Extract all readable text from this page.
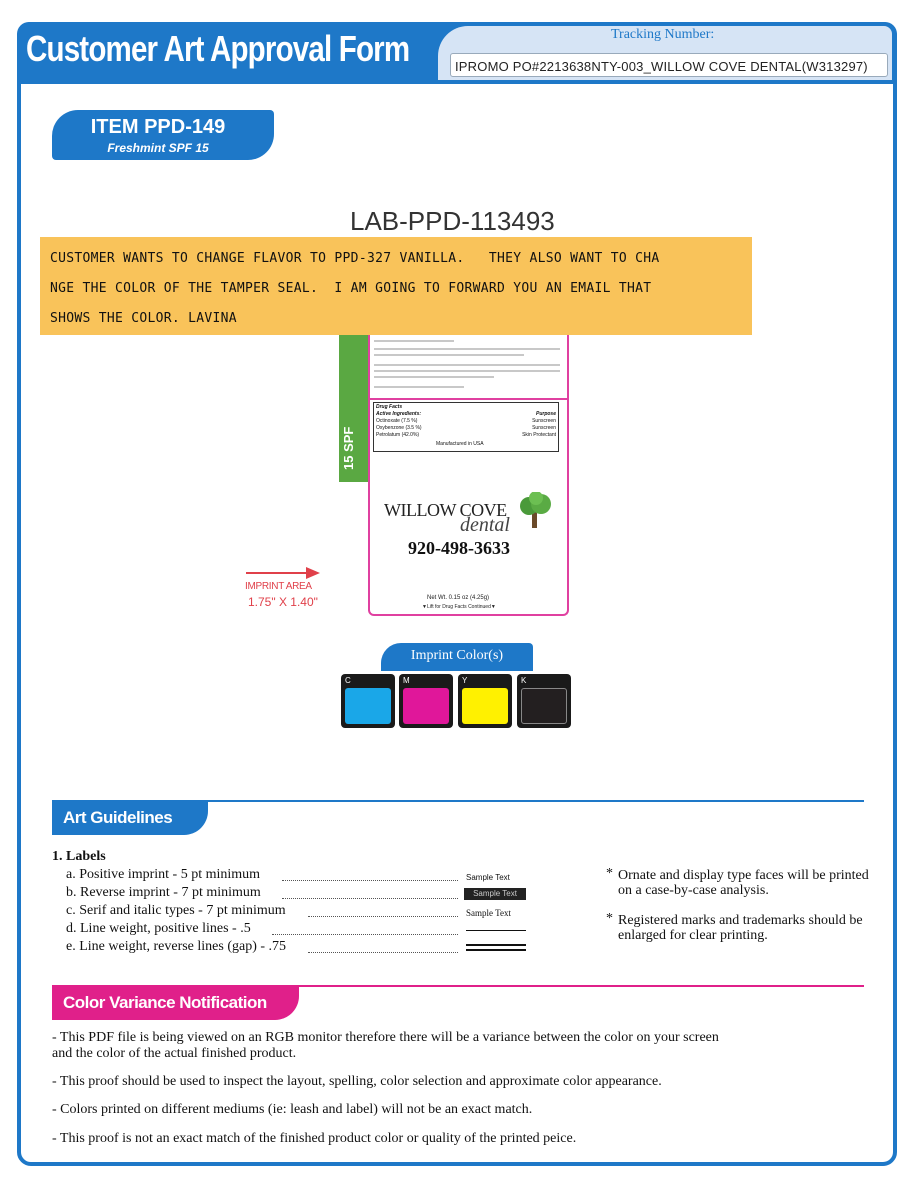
Customer Art Approval Form	Tracking Number:
IPROMO PO#2213638NTY-003_WILLOW COVE DENTAL(W313297)
ITEM PPD-149
Freshmint SPF 15
LAB-PPD-113493
15 SPF
Drug Facts
Active Ingredients:	Purpose
Octinoxate (7.5 %)	Sunscreen
Oxybenzone (3.5 %)	Sunscreen
Petrolatum (42.0%)	Skin Protectant
Manufactured in USA
WILLOW COVE
dental
920-498-3633
Net Wt. 0.15 oz (4.25g)
▼Lift for Drug Facts Continued▼
IMPRINT AREA
1.75" X 1.40"
CUSTOMER WANTS TO CHANGE FLAVOR TO PPD-327 VANILLA.   THEY ALSO WANT TO CHA
NGE THE COLOR OF THE TAMPER SEAL.  I AM GOING TO FORWARD YOU AN EMAIL THAT
SHOWS THE COLOR. LAVINA
Imprint Color(s)
C	M	Y	K
Art Guidelines
1. Labels
a. Positive imprint - 5 pt minimum
b. Reverse imprint - 7 pt minimum
c. Serif and italic types - 7 pt minimum
d. Line weight, positive lines - .5
e. Line weight, reverse lines (gap) - .75
Sample Text
Sample Text
Sample Text
* Ornate and display type faces will be printed on a case-by-case analysis.
* Registered marks and trademarks should be enlarged for clear printing.
Color Variance Notification
- This PDF file is being viewed on an RGB monitor therefore there will be a variance between the color on your screen and the color of the actual finished product.
- This proof should be used to inspect the layout, spelling, color selection and approximate color appearance.
- Colors printed on different mediums (ie: leash and label) will not be an exact match.
- This proof is not an exact match of the finished product color or quality of the printed peice.
